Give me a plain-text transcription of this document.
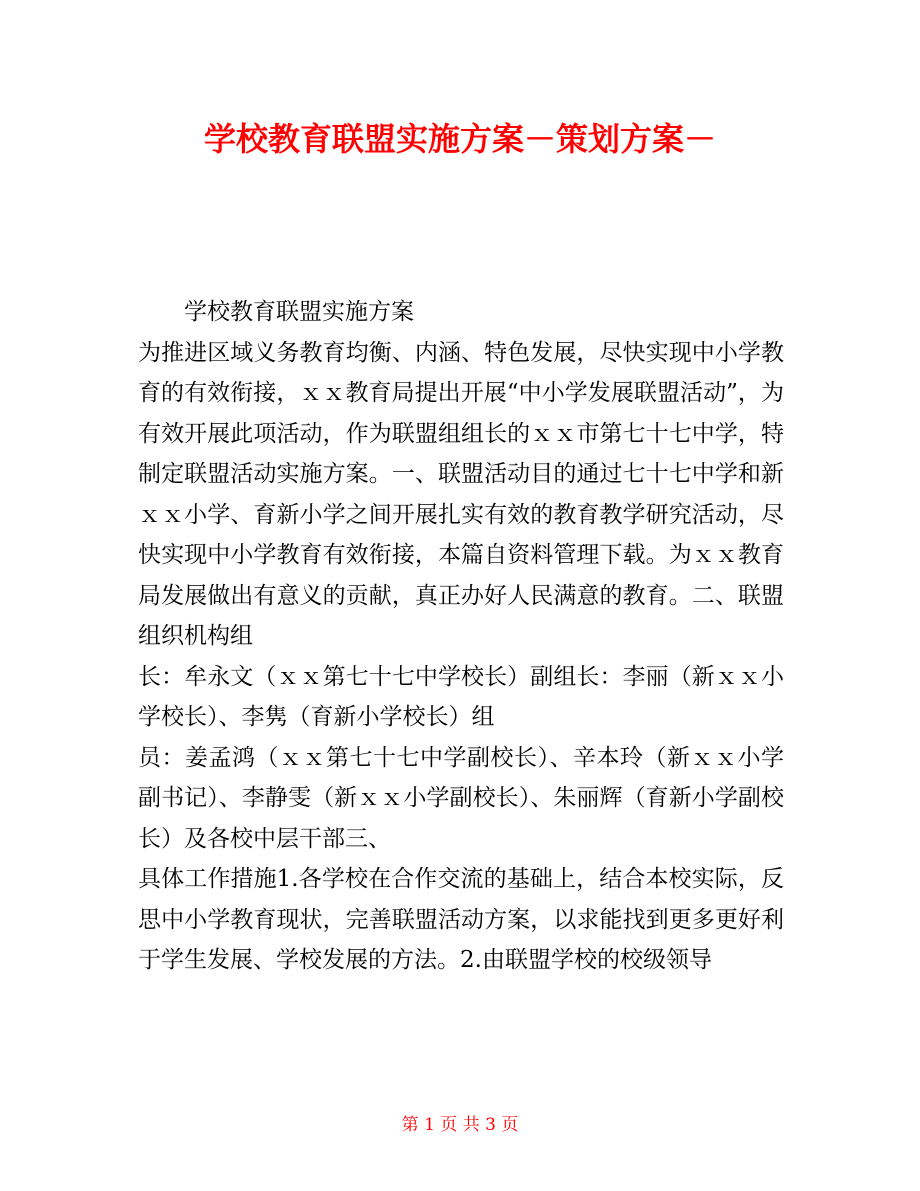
学校教育联盟实施方案－策划方案－

学校教育联盟实施方案

为推进区域义务教育均衡、内涵、特色发展，尽快实现中小学教育的有效衔接，ｘｘ教育局提出开展“中小学发展联盟活动”，为有效开展此项活动，作为联盟组组长的ｘｘ市第七十七中学，特制定联盟活动实施方案。一、联盟活动目的通过七十七中学和新ｘｘ小学、育新小学之间开展扎实有效的教育教学研究活动，尽快实现中小学教育有效衔接，本篇自资料管理下载。为ｘｘ教育局发展做出有意义的贡献，真正办好人民满意的教育。二、联盟组织机构组

长：牟永文（ｘｘ第七十七中学校长）副组长：李丽（新ｘｘ小学校长）、李隽（育新小学校长）组

员：姜孟鸿（ｘｘ第七十七中学副校长）、辛本玲（新ｘｘ小学副书记）、李静雯（新ｘｘ小学副校长）、朱丽辉（育新小学副校长）及各校中层干部三、

具体工作措施1.各学校在合作交流的基础上，结合本校实际，反思中小学教育现状，完善联盟活动方案，以求能找到更多更好利于学生发展、学校发展的方法。2.由联盟学校的校级领导

第 1 页 共 3 页
